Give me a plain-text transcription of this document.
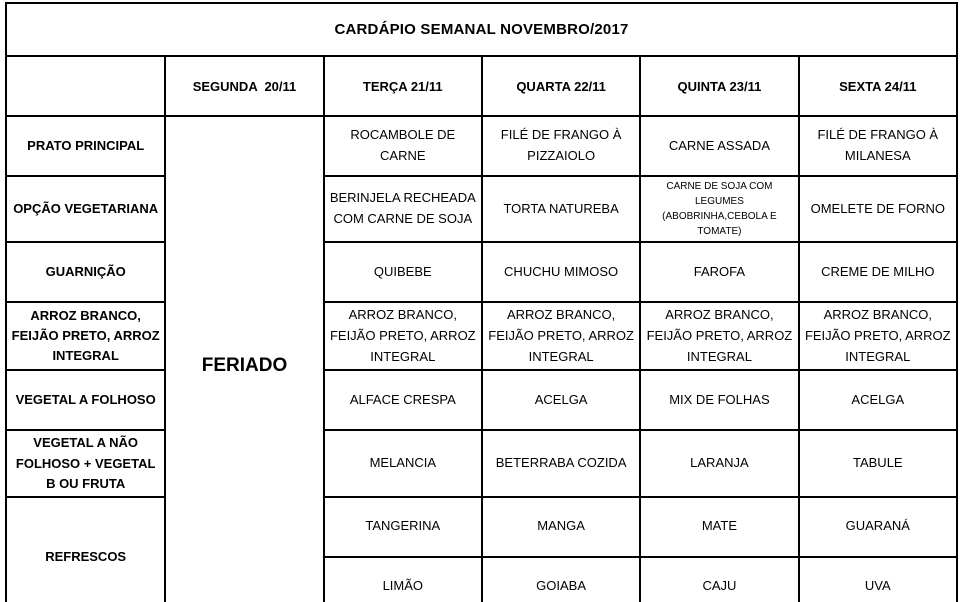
CARDÁPIO SEMANAL NOVEMBRO/2017					
	SEGUNDA  20/11	TERÇA 21/11	QUARTA 22/11	QUINTA 23/11	SEXTA 24/11
PRATO PRINCIPAL	FERIADO	ROCAMBOLE DE CARNE	FILÉ DE FRANGO À PIZZAIOLO	CARNE ASSADA	FILÉ DE FRANGO À MILANESA
OPÇÃO VEGETARIANA		BERINJELA RECHEADA COM CARNE DE SOJA	TORTA NATUREBA	CARNE DE SOJA COM LEGUMES (ABOBRINHA,CEBOLA E TOMATE)	OMELETE DE FORNO
GUARNIÇÃO		QUIBEBE	CHUCHU MIMOSO	FAROFA	CREME DE MILHO
ARROZ BRANCO, FEIJÃO PRETO, ARROZ INTEGRAL		ARROZ BRANCO, FEIJÃO PRETO, ARROZ INTEGRAL	ARROZ BRANCO, FEIJÃO PRETO, ARROZ INTEGRAL	ARROZ BRANCO, FEIJÃO PRETO, ARROZ INTEGRAL	ARROZ BRANCO, FEIJÃO PRETO, ARROZ INTEGRAL
VEGETAL A FOLHOSO		ALFACE CRESPA	ACELGA	MIX DE FOLHAS	ACELGA
VEGETAL A NÃO FOLHOSO + VEGETAL B OU FRUTA		MELANCIA	BETERRABA COZIDA	LARANJA	TABULE
REFRESCOS		TANGERINA	MANGA	MATE	GUARANÁ
		LIMÃO	GOIABA	CAJU	UVA
